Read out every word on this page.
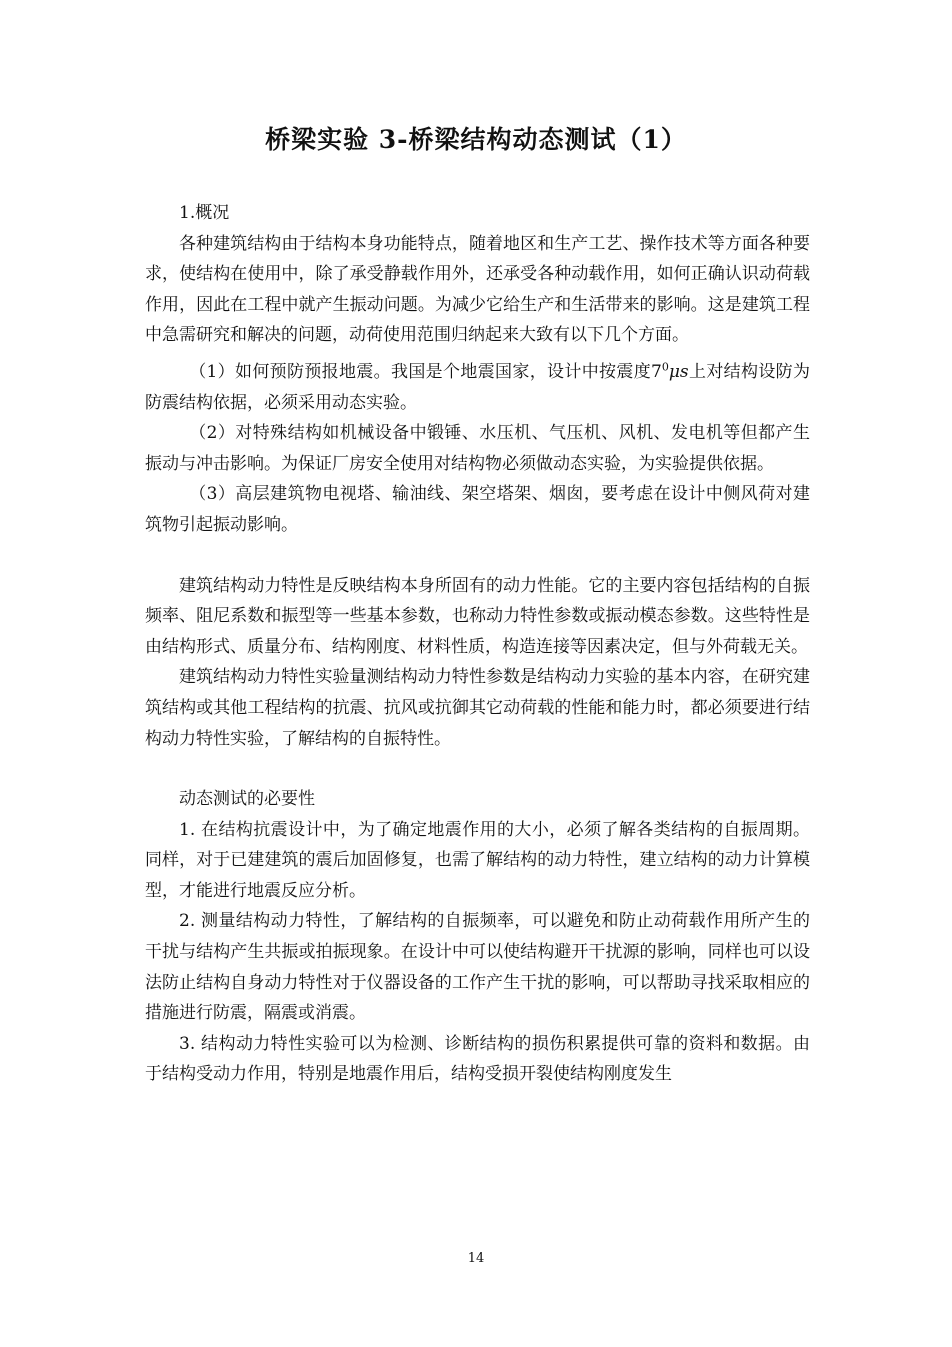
桥梁实验 3-桥梁结构动态测试（1）

1.概况

各种建筑结构由于结构本身功能特点，随着地区和生产工艺、操作技术等方面各种要求，使结构在使用中，除了承受静载作用外，还承受各种动载作用，如何正确认识动荷载作用，因此在工程中就产生振动问题。为减少它给生产和生活带来的影响。这是建筑工程中急需研究和解决的问题，动荷使用范围归纳起来大致有以下几个方面。

（1）如何预防预报地震。我国是个地震国家，设计中按震度$7^0\mu s$上对结构设防为防震结构依据，必须采用动态实验。

（2）对特殊结构如机械设备中锻锤、水压机、气压机、风机、发电机等但都产生振动与冲击影响。为保证厂房安全使用对结构物必须做动态实验，为实验提供依据。

（3）高层建筑物电视塔、输油线、架空塔架、烟囱，要考虑在设计中侧风荷对建筑物引起振动影响。

建筑结构动力特性是反映结构本身所固有的动力性能。它的主要内容包括结构的自振频率、阻尼系数和振型等一些基本参数，也称动力特性参数或振动模态参数。这些特性是由结构形式、质量分布、结构刚度、材料性质，构造连接等因素决定，但与外荷载无关。

建筑结构动力特性实验量测结构动力特性参数是结构动力实验的基本内容，在研究建筑结构或其他工程结构的抗震、抗风或抗御其它动荷载的性能和能力时，都必须要进行结构动力特性实验，了解结构的自振特性。

动态测试的必要性

1. 在结构抗震设计中，为了确定地震作用的大小，必须了解各类结构的自振周期。同样，对于已建建筑的震后加固修复，也需了解结构的动力特性，建立结构的动力计算模型，才能进行地震反应分析。

2. 测量结构动力特性，了解结构的自振频率，可以避免和防止动荷载作用所产生的干扰与结构产生共振或拍振现象。在设计中可以使结构避开干扰源的影响，同样也可以设法防止结构自身动力特性对于仪器设备的工作产生干扰的影响，可以帮助寻找采取相应的措施进行防震，隔震或消震。

3. 结构动力特性实验可以为检测、诊断结构的损伤积累提供可靠的资料和数据。由于结构受动力作用，特别是地震作用后，结构受损开裂使结构刚度发生

14
